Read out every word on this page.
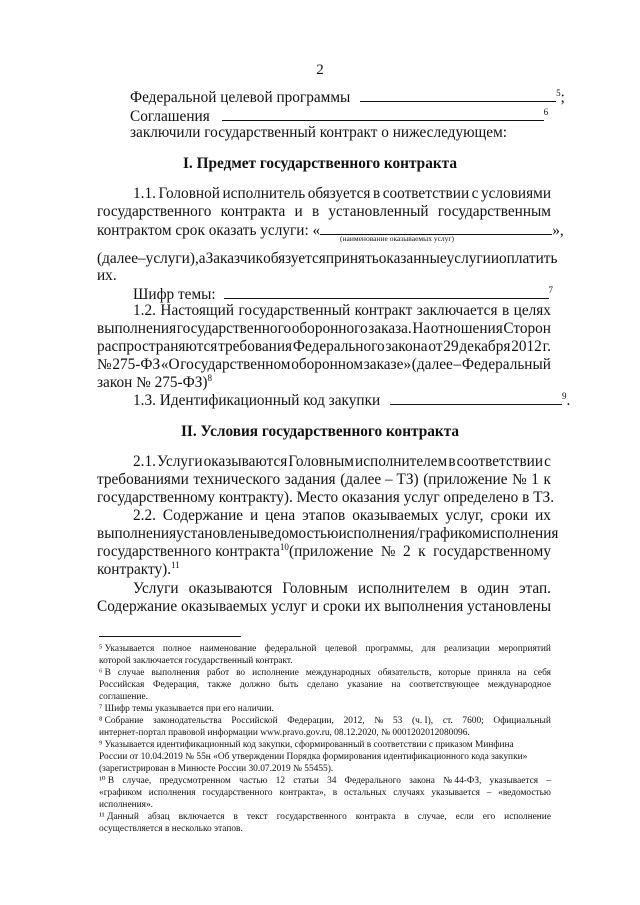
2
Федеральной целевой программы	$^5$;
Соглашения	$^6$
заключили государственный контракт о нижеследующем:
I. Предмет государственного контракта
1.1. Головной исполнитель обязуется в соответствии с условиями
государственного контракта и в установленный государственным
контрактом срок оказать услуги: «	»,
(наименование оказываемых услуг)
(далее – услуги), а Заказчик обязуется принять оказанные услуги и оплатить
их.
Шифр темы:	$^7$
1.2. Настоящий государственный контракт заключается в целях
выполнения государственного оборонного заказа. На отношения Сторон
распространяются требования Федерального закона от 29 декабря 2012 г.
№ 275-ФЗ «О государственном оборонном заказе» (далее – Федеральный
закон № 275-ФЗ)$^8$
1.3. Идентификационный код закупки	$^9$.
II. Условия государственного контракта
2.1. Услуги оказываются Головным исполнителем в соответствии с
требованиями технического задания (далее – ТЗ) (приложение № 1 к
государственному контракту). Место оказания услуг определено в ТЗ.
2.2. Содержание и цена этапов оказываемых услуг, сроки их
выполнения установлены ведомостью исполнения/графиком исполнения
государственного контракта$^{10}$ (приложение № 2 к государственному
контракту).$^{11}$
Услуги оказываются Головным исполнителем в один этап.
Содержание оказываемых услуг и сроки их выполнения установлены
⁵ Указывается полное наименование федеральной целевой программы, для реализации мероприятий
которой заключается государственный контракт.
⁶ В случае выполнения работ во исполнение международных обязательств, которые приняла на себя
Российская Федерация, также должно быть сделано указание на соответствующее международное
соглашение.
⁷ Шифр темы указывается при его наличии.
⁸ Собрание законодательства Российской Федерации, 2012, № 53 (ч. I), ст. 7600; Официальный
интернет-портал правовой информации www.pravo.gov.ru, 08.12.2020, № 0001202012080096.
⁹ Указывается идентификационный код закупки, сформированный в соответствии с приказом Минфина
России от 10.04.2019 № 55н «Об утверждении Порядка формирования идентификационного кода закупки»
(зарегистрирован в Минюсте России 30.07.2019 № 55455).
¹⁰ В случае, предусмотренном частью 12 статьи 34 Федерального закона № 44-ФЗ, указывается –
«графиком исполнения государственного контракта», в остальных случаях указывается – «ведомостью
исполнения».
¹¹ Данный абзац включается в текст государственного контракта в случае, если его исполнение
осуществляется в несколько этапов.
